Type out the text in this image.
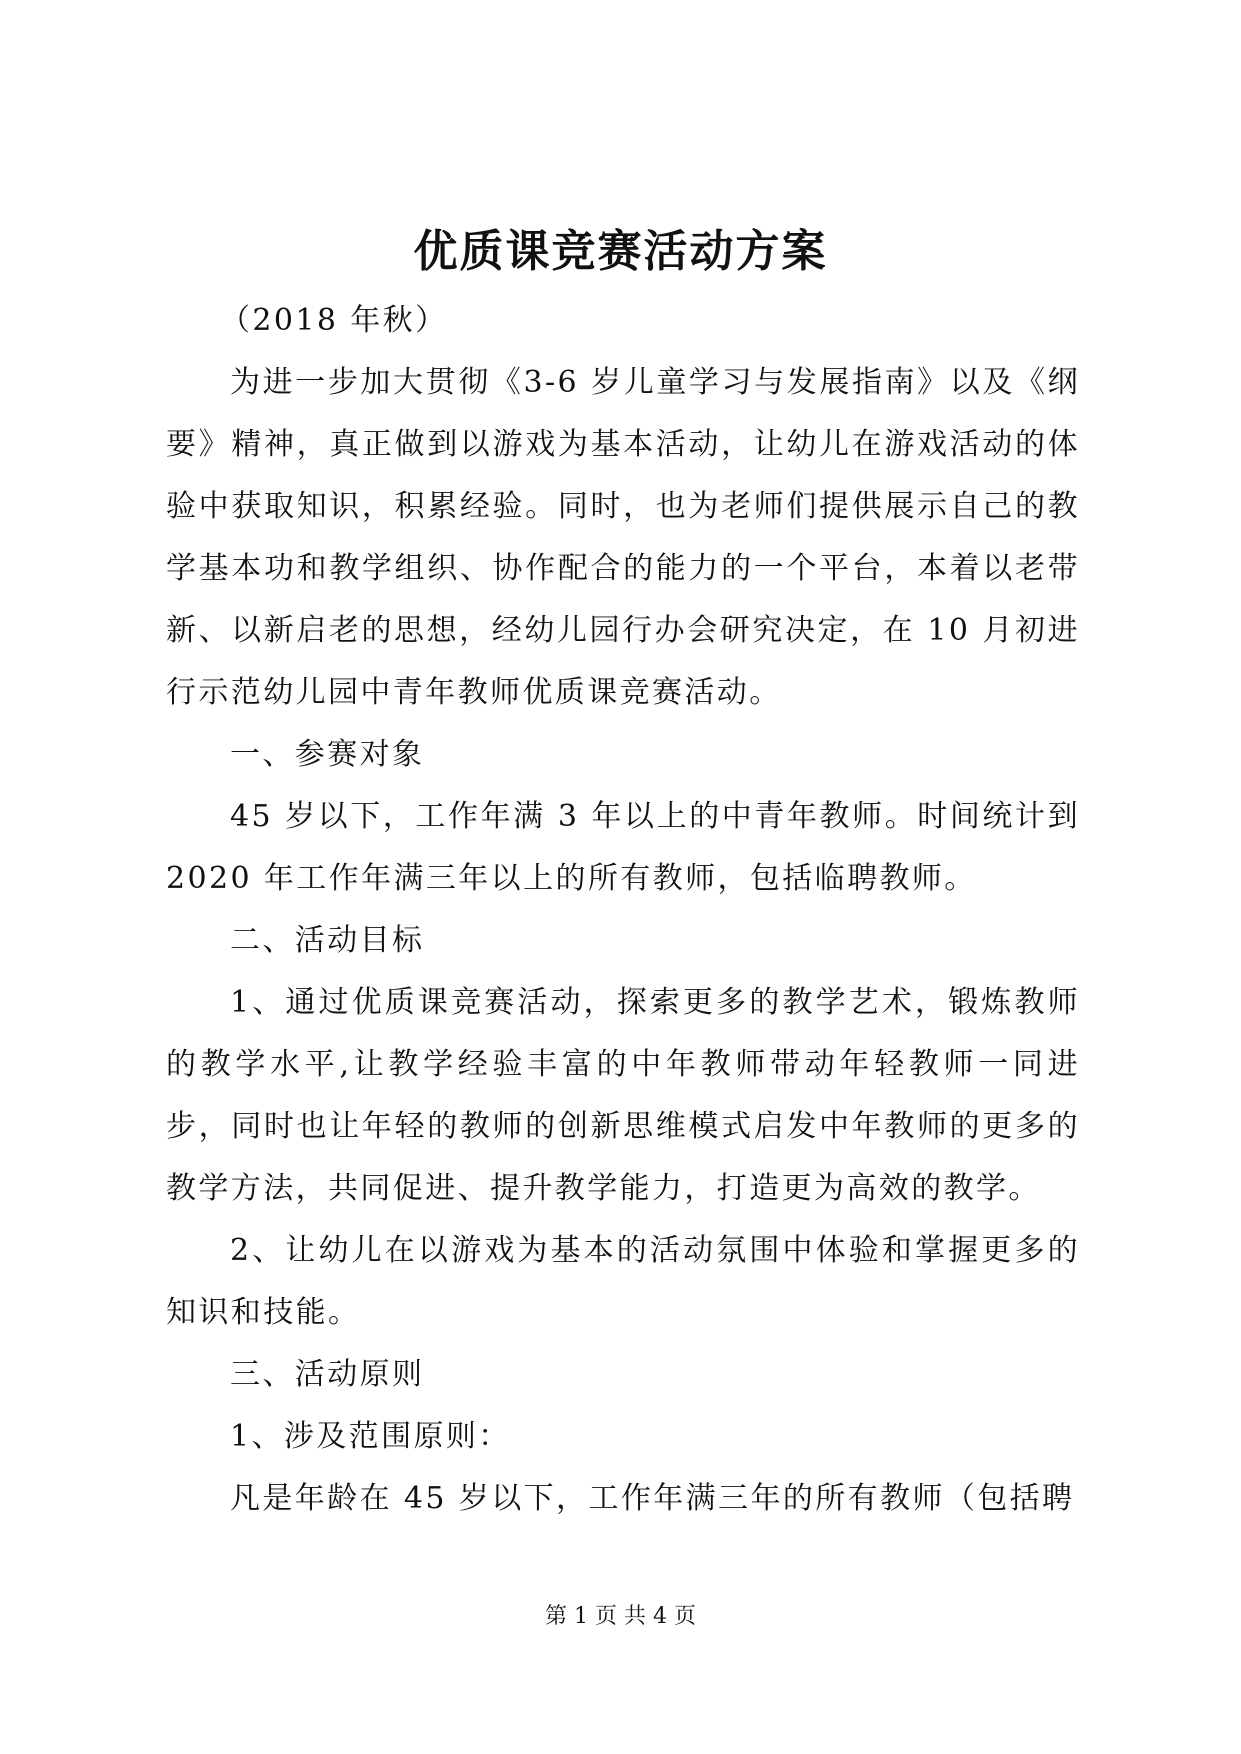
优质课竞赛活动方案

（2018 年秋）

为进一步加大贯彻《3-6 岁儿童学习与发展指南》以及《纲要》精神，真正做到以游戏为基本活动，让幼儿在游戏活动的体验中获取知识，积累经验。同时，也为老师们提供展示自己的教学基本功和教学组织、协作配合的能力的一个平台，本着以老带新、以新启老的思想，经幼儿园行办会研究决定，在 10 月初进行示范幼儿园中青年教师优质课竞赛活动。

一、参赛对象

45 岁以下，工作年满 3 年以上的中青年教师。时间统计到2020 年工作年满三年以上的所有教师，包括临聘教师。

二、活动目标

1、通过优质课竞赛活动，探索更多的教学艺术，锻炼教师的教学水平,让教学经验丰富的中年教师带动年轻教师一同进步，同时也让年轻的教师的创新思维模式启发中年教师的更多的教学方法，共同促进、提升教学能力，打造更为高效的教学。

2、让幼儿在以游戏为基本的活动氛围中体验和掌握更多的知识和技能。

三、活动原则

1、涉及范围原则：

凡是年龄在 45 岁以下，工作年满三年的所有教师（包括聘

第 1 页 共 4 页
